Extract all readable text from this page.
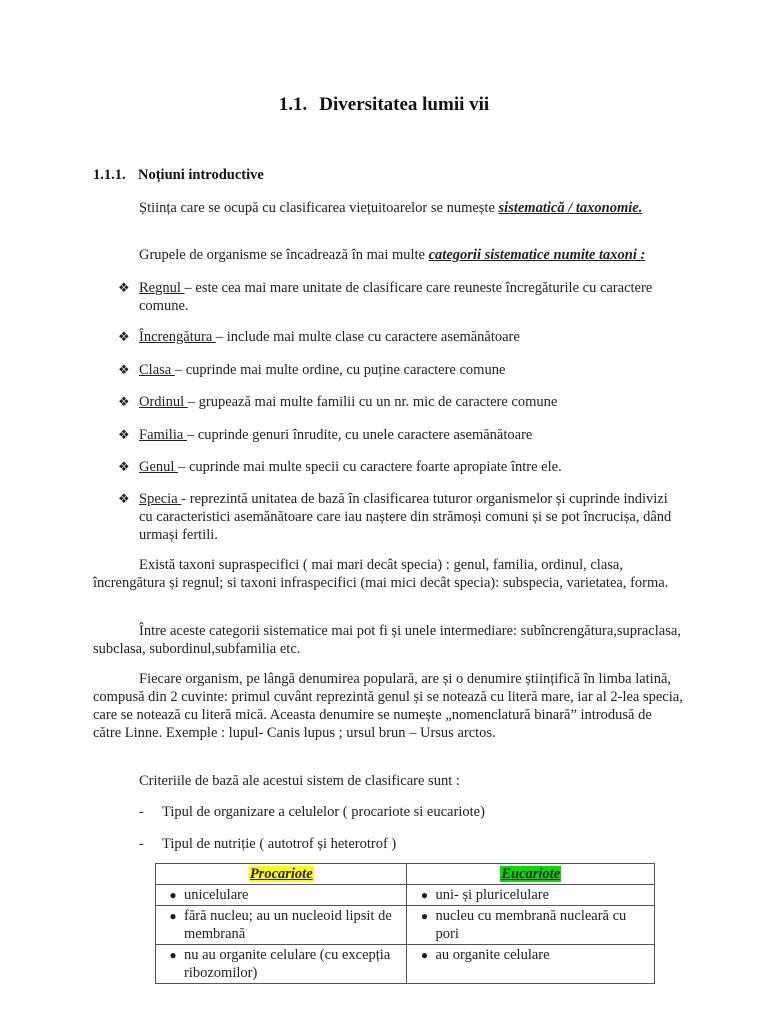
1.1. Diversitatea lumii vii
1.1.1. Noțiuni introductive
Știința care se ocupă cu clasificarea viețuitoarelor se numește sistematică / taxonomie.
Grupele de organisme se încadrează în mai multe categorii sistematice numite taxoni :
❖ Regnul – este cea mai mare unitate de clasificare care reuneste încregăturile cu caractere comune.
❖ Încrengătura – include mai multe clase cu caractere asemănătoare
❖ Clasa – cuprinde mai multe ordine, cu puține caractere comune
❖ Ordinul – grupează mai multe familii cu un nr. mic de caractere comune
❖ Familia – cuprinde genuri înrudite, cu unele caractere asemănătoare
❖ Genul – cuprinde mai multe specii cu caractere foarte apropiate între ele.
❖ Specia - reprezintă unitatea de bază în clasificarea tuturor organismelor și cuprinde indivizi cu caracteristici asemănătoare care iau naștere din strămoși comuni și se pot încrucișa, dând urmași fertili.
Există taxoni supraspecifici ( mai mari decât specia) : genul, familia, ordinul, clasa, încrengătura și regnul; si taxoni infraspecifici (mai mici decât specia): subspecia, varietatea, forma.
Între aceste categorii sistematice mai pot fi și unele intermediare: subîncrengătura,supraclasa, subclasa, subordinul,subfamilia etc.
Fiecare organism, pe lângă denumirea populară, are și o denumire științifică în limba latină, compusă din 2 cuvinte: primul cuvânt reprezintă genul și se notează cu literă mare, iar al 2-lea specia, care se notează cu literă mică. Aceasta denumire se numește „nomenclatură binară” introdusă de către Linne. Exemple : lupul- Canis lupus ; ursul brun – Ursus arctos.
Criteriile de bază ale acestui sistem de clasificare sunt :
- Tipul de organizare a celulelor ( procariote si eucariote)
- Tipul de nutriție ( autotrof și heterotrof )
Procariote	Eucariote

● unicelulare	● uni- și pluricelulare

● fără nucleu; au un nucleoid lipsit de membrană	● nucleu cu membrană nucleară cu pori

● nu au organite celulare (cu excepția ribozomilor)	● au organite celulare
